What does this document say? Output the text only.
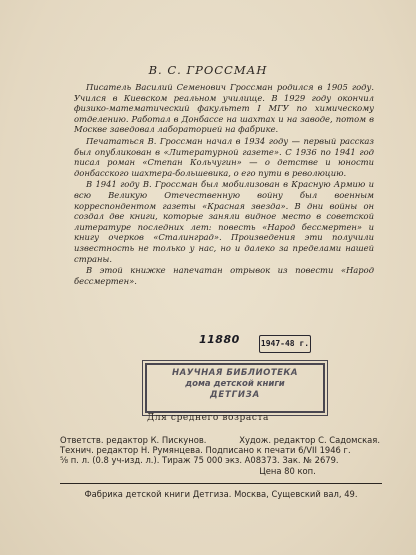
В. С. ГРОССМАН

Писатель Василий Семенович Гроссман родился в 1905 году. Учился в Киевском реальном училище. В 1929 году окончил физико-математический факультет I МГУ по химическому отделению. Работал в Донбассе на шахтах и на заводе, потом в Москве заведовал лабораторией на фабрике.

Печататься В. Гроссман начал в 1934 году — первый рассказ был опубликован в «Литературной газете». С 1936 по 1941 год писал роман «Степан Кольчугин» — о детстве и юности донбасского шахтера-большевика, о его пути в революцию.

В 1941 году В. Гроссман был мобилизован в Красную Армию и всю Великую Отечественную войну был военным корреспондентом газеты «Красная звезда». В дни войны он создал две книги, которые заняли видное место в советской литературе последних лет: повесть «Народ бессмертен» и книгу очерков «Сталинград». Произведения эти получили известность не только у нас, но и далеко за пределами нашей страны.

В этой книжке напечатан отрывок из повести «Народ бессмертен».

11880	1947-48 г.
НАУЧНАЯ БИБЛИОТЕКА
дома детской книги
ДЕТГИЗА
Для среднего возраста
Ответств. редактор К. Пискунов.	Худож. редактор С. Садомская.
Технич. редактор Н. Румянцева. Подписано к печати 6/VII 1946 г.
⅝ п. л. (0.8 уч-изд. л.). Тираж 75 000 экз. А08373. Зак. № 2679.
Цена 80 коп.
Фабрика детской книги Детгиза. Москва, Сущевский вал, 49.
